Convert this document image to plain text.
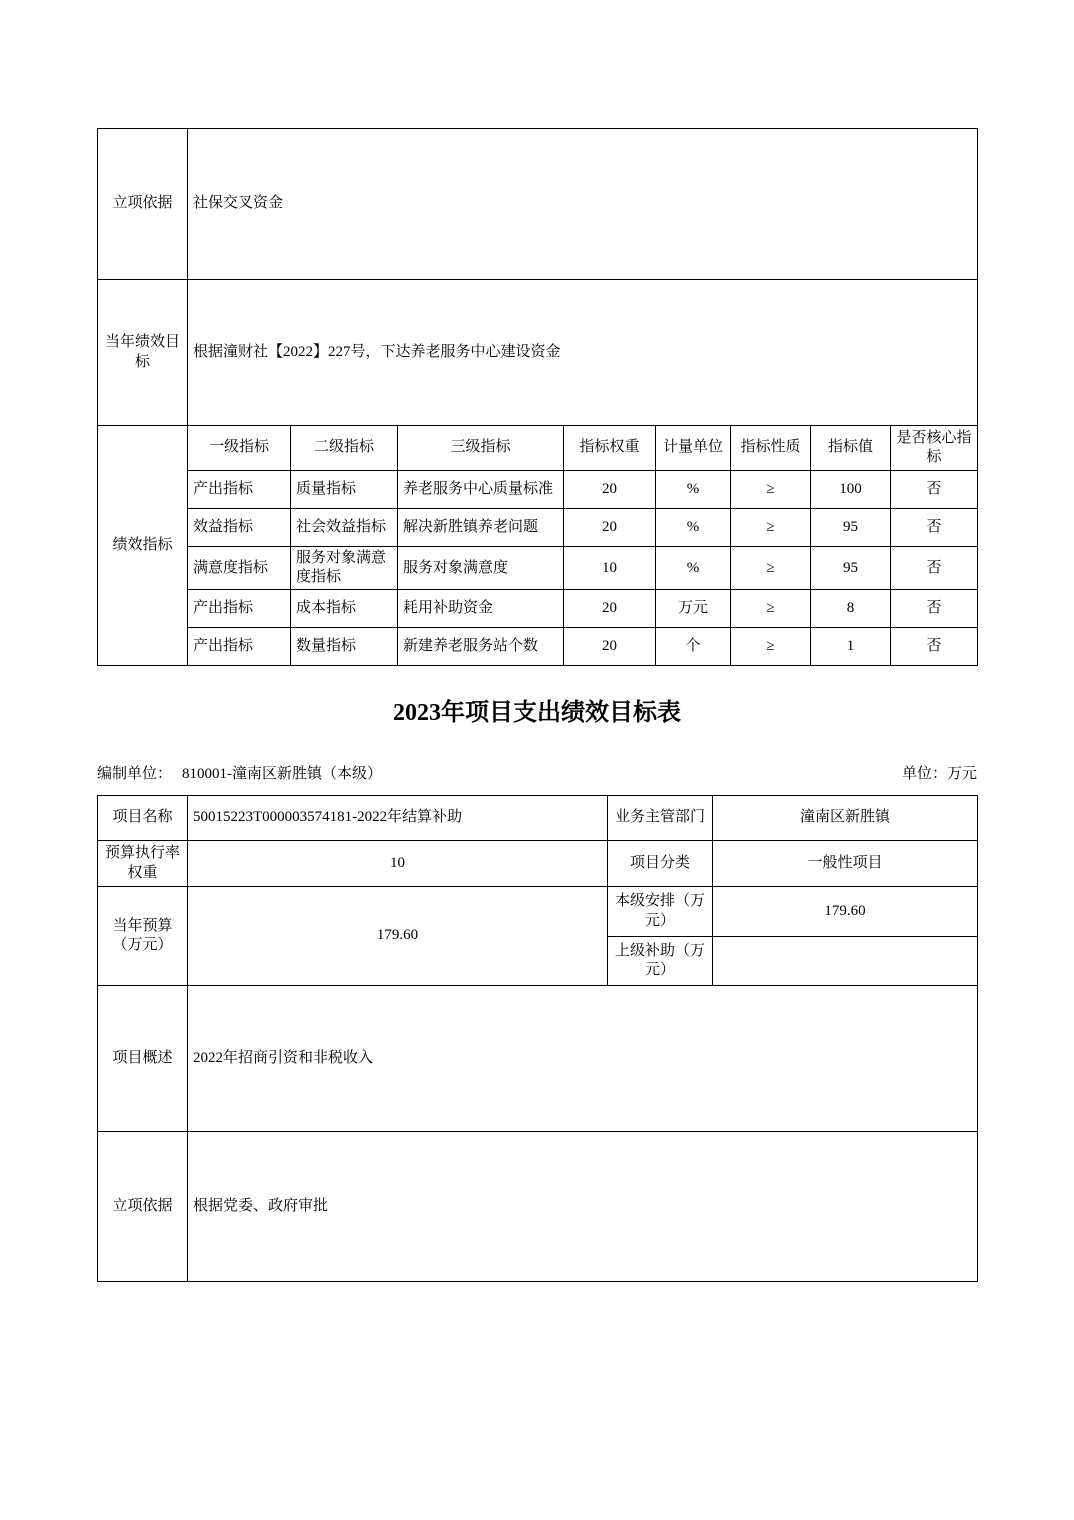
立项依据	社保交叉资金							
当年绩效目标	根据潼财社【2022】227号，下达养老服务中心建设资金							
绩效指标	一级指标	二级指标	三级指标	指标权重	计量单位	指标性质	指标值	是否核心指标
	产出指标	质量指标	养老服务中心质量标准	20	%	≥	100	否
	效益指标	社会效益指标	解决新胜镇养老问题	20	%	≥	95	否
	满意度指标	服务对象满意度指标	服务对象满意度	10	%	≥	95	否
	产出指标	成本指标	耗用补助资金	20	万元	≥	8	否
	产出指标	数量指标	新建养老服务站个数	20	个	≥	1	否
2023年项目支出绩效目标表
单位：万元
编制单位： 810001-潼南区新胜镇（本级）
项目名称	50015223T000003574181-2022年结算补助	业务主管部门	潼南区新胜镇
预算执行率权重	10	项目分类	一般性项目
当年预算（万元）	179.60	本级安排（万元）	179.60
		上级补助（万元）	
项目概述	2022年招商引资和非税收入		
立项依据	根据党委、政府审批		
